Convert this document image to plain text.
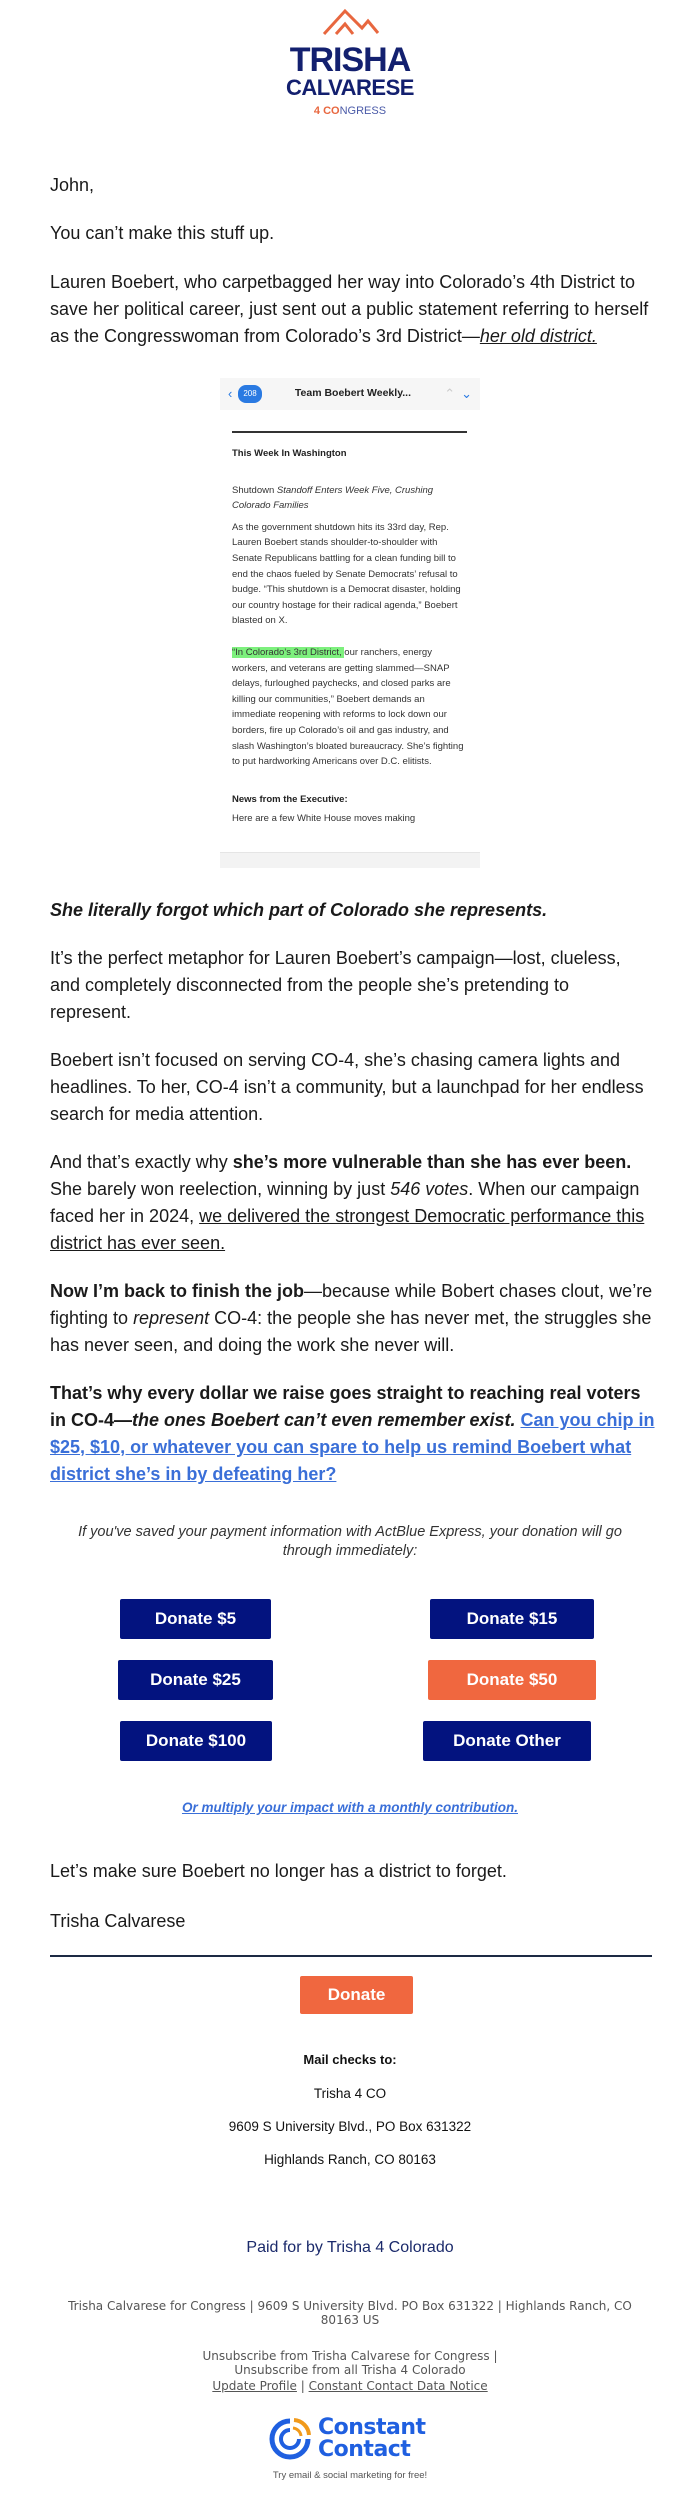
TRISHA
CALVARESE
4 CONGRESS
John,
You can’t make this stuff up.
Lauren Boebert, who carpetbagged her way into Colorado’s 4th District to save her political career, just sent out a public statement referring to herself as the Congresswoman from Colorado’s 3rd District—her old district.
‹	208	Team Boebert Weekly...	⌃ ⌄
This Week In Washington

Shutdown Standoff Enters Week Five, Crushing Colorado Families

As the government shutdown hits its 33rd day, Rep. Lauren Boebert stands shoulder-to-shoulder with Senate Republicans battling for a clean funding bill to end the chaos fueled by Senate Democrats’ refusal to budge. “This shutdown is a Democrat disaster, holding our country hostage for their radical agenda,” Boebert blasted on X.

“In Colorado’s 3rd District, our ranchers, energy workers, and veterans are getting slammed—SNAP delays, furloughed paychecks, and closed parks are killing our communities,” Boebert demands an immediate reopening with reforms to lock down our borders, fire up Colorado’s oil and gas industry, and slash Washington’s bloated bureaucracy. She’s fighting to put hardworking Americans over D.C. elitists.

News from the Executive:

Here are a few White House moves making

She literally forgot which part of Colorado she represents.
It’s the perfect metaphor for Lauren Boebert’s campaign—lost, clueless, and completely disconnected from the people she’s pretending to represent.
Boebert isn’t focused on serving CO-4, she’s chasing camera lights and headlines. To her, CO-4 isn’t a community, but a launchpad for her endless search for media attention.
And that’s exactly why she’s more vulnerable than she has ever been. She barely won reelection, winning by just 546 votes. When our campaign faced her in 2024, we delivered the strongest Democratic performance this district has ever seen.
Now I’m back to finish the job—because while Bobert chases clout, we’re fighting to represent CO-4: the people she has never met, the struggles she has never seen, and doing the work she never will.
That’s why every dollar we raise goes straight to reaching real voters in CO-4—the ones Boebert can’t even remember exist. Can you chip in $25, $10, or whatever you can spare to help us remind Boebert what district she’s in by defeating her?
If you've saved your payment information with ActBlue Express, your donation will go through immediately:
Donate $5	Donate $15
Donate $25	Donate $50
Donate $100	Donate Other
Or multiply your impact with a monthly contribution.
Let’s make sure Boebert no longer has a district to forget.
Trisha Calvarese
Donate
Mail checks to:
Trisha 4 CO
9609 S University Blvd., PO Box 631322
Highlands Ranch, CO 80163
Paid for by Trisha 4 Colorado
Trisha Calvarese for Congress | 9609 S University Blvd. PO Box 631322 | Highlands Ranch, CO 80163 US
Unsubscribe from Trisha Calvarese for Congress |
Unsubscribe from all Trisha 4 Colorado
Update Profile | Constant Contact Data Notice
Constant
Contact
Try email & social marketing for free!
